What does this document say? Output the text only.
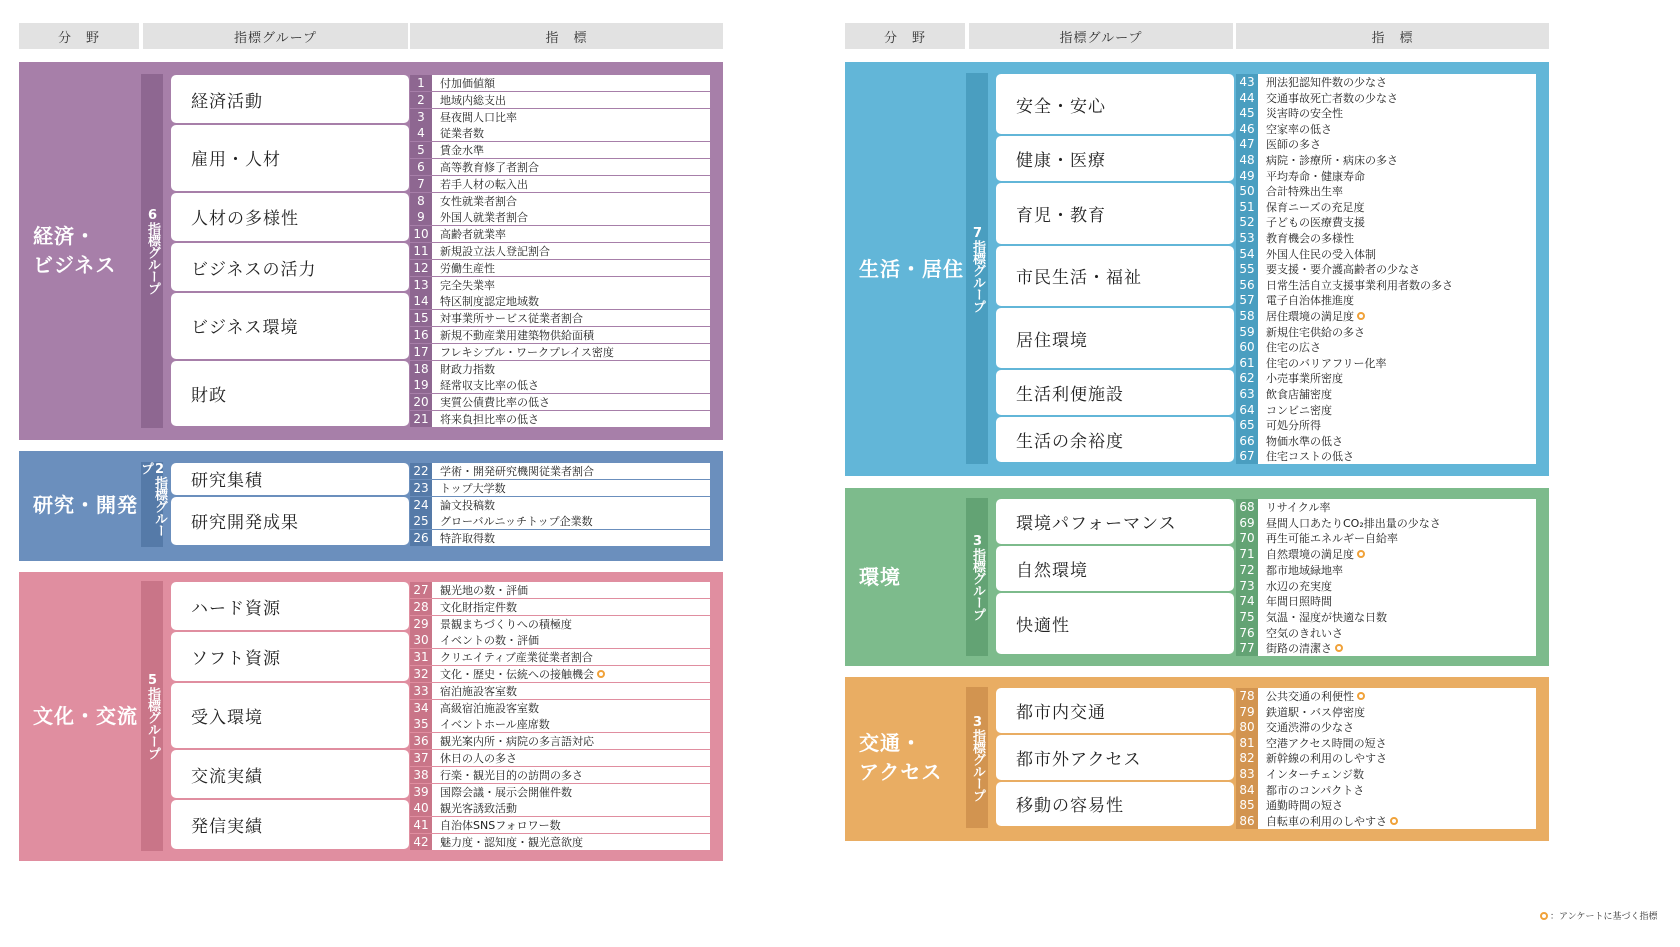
分　野	指標グループ	指　標
経済・
ビジネス 6指標グループ
経済活動
1	付加価値額
2	地域内総支出
3	昼夜間人口比率
雇用・人材
4	従業者数
5	賃金水準
6	高等教育修了者割合
7	若手人材の転入出
人材の多様性
8	女性就業者割合
9	外国人就業者割合
10	高齢者就業率
ビジネスの活力
11	新規設立法人登記割合
12	労働生産性
13	完全失業率
ビジネス環境
14	特区制度認定地域数
15	対事業所サービス従業者割合
16	新規不動産業用建築物供給面積
17	フレキシブル・ワークプレイス密度
財政
18	財政力指数
19	経常収支比率の低さ
20	実質公債費比率の低さ
21	将来負担比率の低さ
研究・開発	2指標グループ
研究集積
22	学術・開発研究機関従業者割合
23	トップ大学数
研究開発成果
24	論文投稿数
25	グローバルニッチトップ企業数
26	特許取得数
文化・交流 5指標グループ
ハード資源
27	観光地の数・評価
28	文化財指定件数
29	景観まちづくりへの積極度
ソフト資源
30	イベントの数・評価
31	クリエイティブ産業従業者割合
32	文化・歴史・伝統への接触機会
受入環境
33	宿泊施設客室数
34	高級宿泊施設客室数
35	イベントホール座席数
36	観光案内所・病院の多言語対応
交流実績
37	休日の人の多さ
38	行楽・観光目的の訪問の多さ
39	国際会議・展示会開催件数
発信実績
40	観光客誘致活動
41	自治体SNSフォロワー数
42	魅力度・認知度・観光意欲度
分　野	指標グループ	指　標
生活・居住 7指標グループ
安全・安心
43	刑法犯認知件数の少なさ
44	交通事故死亡者数の少なさ
45	災害時の安全性
46	空家率の低さ
健康・医療
47	医師の多さ
48	病院・診療所・病床の多さ
49	平均寿命・健康寿命
育児・教育
50	合計特殊出生率
51	保育ニーズの充足度
52	子どもの医療費支援
53	教育機会の多様性
市民生活・福祉
54	外国人住民の受入体制
55	要支援・要介護高齢者の少なさ
56	日常生活自立支援事業利用者数の多さ
57	電子自治体推進度
居住環境
58	居住環境の満足度
59	新規住宅供給の多さ
60	住宅の広さ
61	住宅のバリアフリー化率
生活利便施設
62	小売事業所密度
63	飲食店舗密度
64	コンビニ密度
生活の余裕度
65	可処分所得
66	物価水準の低さ
67	住宅コストの低さ
環境	3指標グループ
環境パフォーマンス
68	リサイクル率
69	昼間人口あたりCO₂排出量の少なさ
70	再生可能エネルギー自給率
自然環境
71	自然環境の満足度
72	都市地域緑地率
73	水辺の充実度
快適性
74	年間日照時間
75	気温・湿度が快適な日数
76	空気のきれいさ
77	街路の清潔さ
交通・
アクセス 3指標グループ
都市内交通
78	公共交通の利便性
79	鉄道駅・バス停密度
80	交通渋滞の少なさ
都市外アクセス
81	空港アクセス時間の短さ
82	新幹線の利用のしやすさ
83	インターチェンジ数
移動の容易性
84	都市のコンパクトさ
85	通勤時間の短さ
86	自転車の利用のしやすさ
：アンケートに基づく指標
